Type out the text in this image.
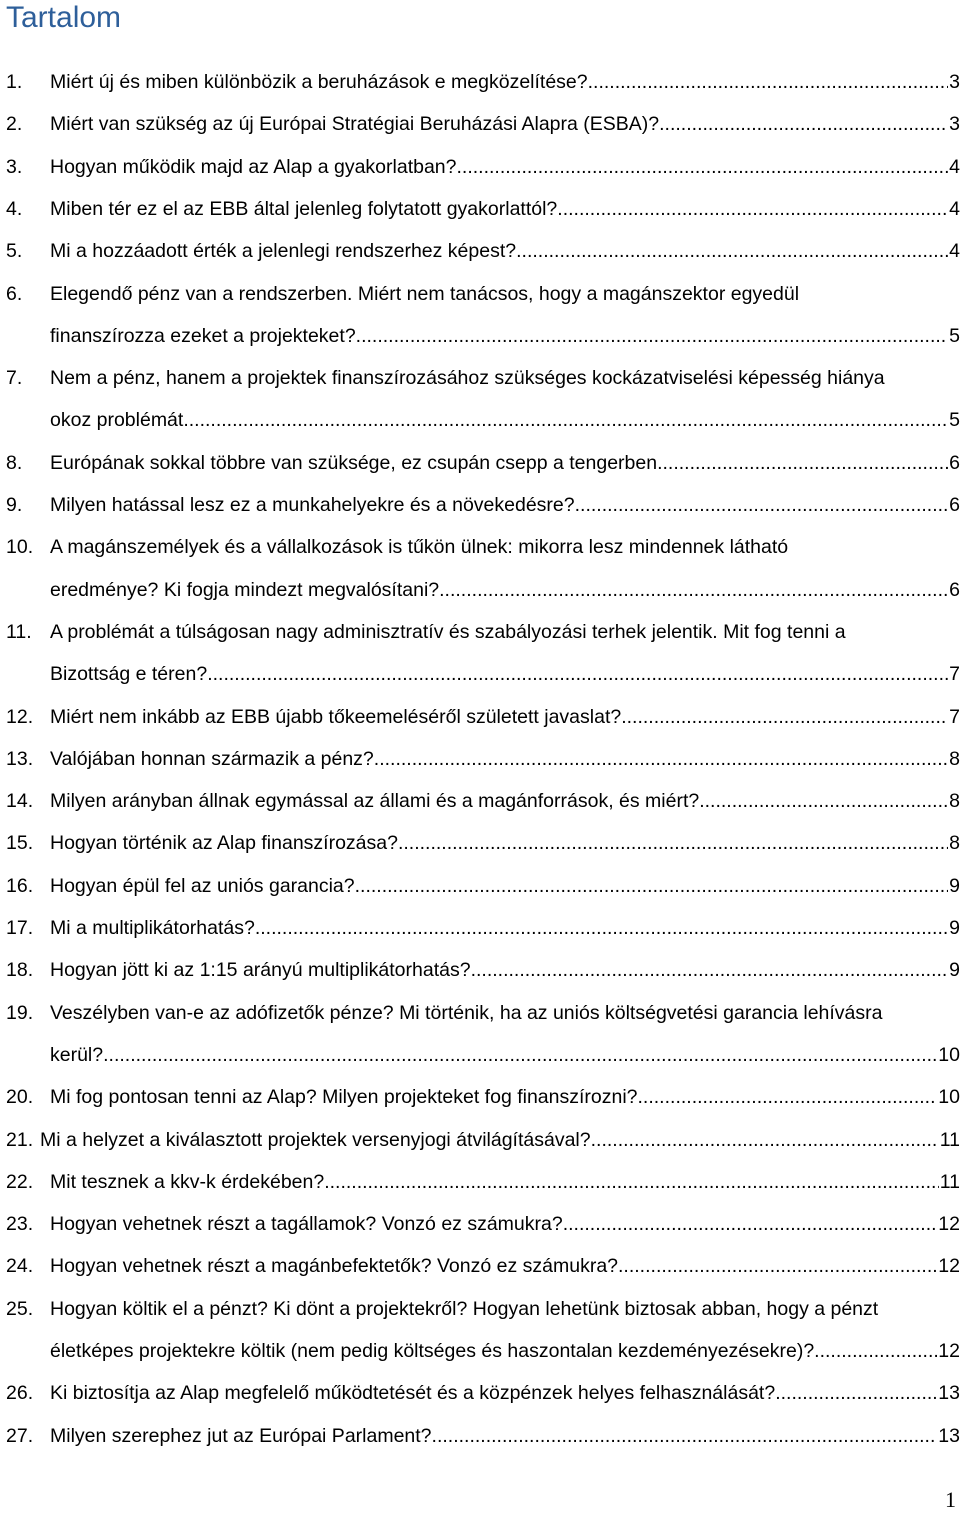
Tartalom
1. Miért új és miben különbözik a beruházások e megközelítése? .....	3
2. Miért van szükség az új Európai Stratégiai Beruházási Alapra (ESBA)? .....	3
3. Hogyan működik majd az Alap a gyakorlatban? .....	4
4. Miben tér ez el az EBB által jelenleg folytatott gyakorlattól? .....	4
5. Mi a hozzáadott érték a jelenlegi rendszerhez képest? .....	4
6. Elegendő pénz van a rendszerben. Miért nem tanácsos, hogy a magánszektor egyedül
finanszírozza ezeket a projekteket? .....	5
7. Nem a pénz, hanem a projektek finanszírozásához szükséges kockázatviselési képesség hiánya
okoz problémát. .....	5
8. Európának sokkal többre van szüksége, ez csupán csepp a tengerben .....	6
9. Milyen hatással lesz ez a munkahelyekre és a növekedésre? .....	6
10. A magánszemélyek és a vállalkozások is tűkön ülnek: mikorra lesz mindennek látható
eredménye? Ki fogja mindezt megvalósítani? .....	6
11. A problémát a túlságosan nagy adminisztratív és szabályozási terhek jelentik. Mit fog tenni a
Bizottság e téren? .....	7
12. Miért nem inkább az EBB újabb tőkeemeléséről született javaslat? .....	7
13. Valójában honnan származik a pénz? .....	8
14. Milyen arányban állnak egymással az állami és a magánforrások, és miért? .....	8
15. Hogyan történik az Alap finanszírozása? .....	8
16. Hogyan épül fel az uniós garancia? .....	9
17. Mi a multiplikátorhatás? .....	9
18. Hogyan jött ki az 1:15 arányú multiplikátorhatás? .....	9
19. Veszélyben van-e az adófizetők pénze? Mi történik, ha az uniós költségvetési garancia lehívásra
kerül? .....	10
20. Mi fog pontosan tenni az Alap? Milyen projekteket fog finanszírozni? .....	10
21. Mi a helyzet a kiválasztott projektek versenyjogi átvilágításával? .....	11
22. Mit tesznek a kkv-k érdekében? .....	11
23. Hogyan vehetnek részt a tagállamok? Vonzó ez számukra? .....	12
24. Hogyan vehetnek részt a magánbefektetők? Vonzó ez számukra? .....	12
25. Hogyan költik el a pénzt? Ki dönt a projektekről? Hogyan lehetünk biztosak abban, hogy a pénzt
életképes projektekre költik (nem pedig költséges és haszontalan kezdeményezésekre)? .....	12
26. Ki biztosítja az Alap megfelelő működtetését és a közpénzek helyes felhasználását? .....	13
27. Milyen szerephez jut az Európai Parlament? .....	13
1
